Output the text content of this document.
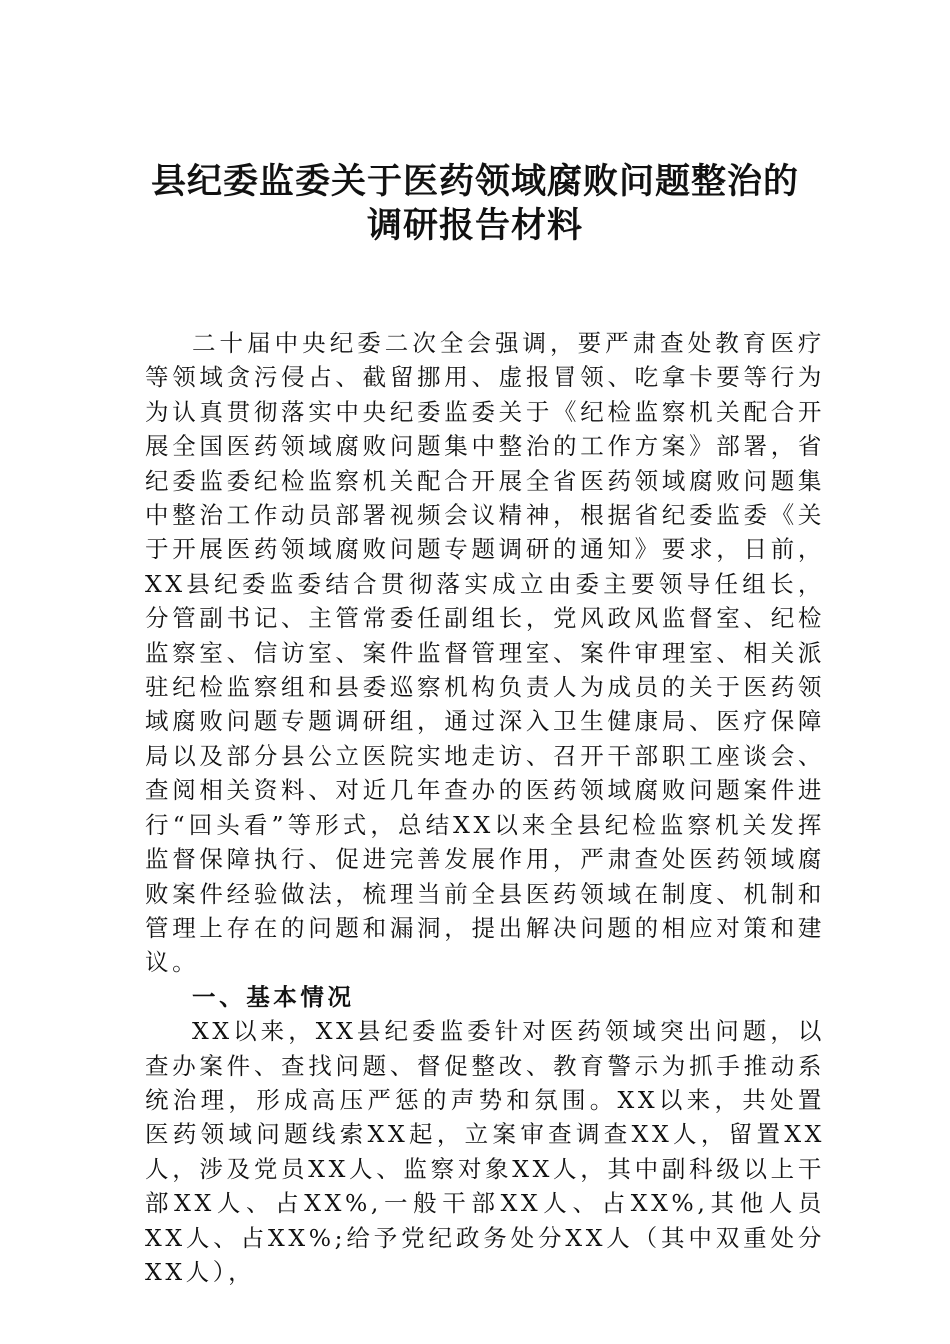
县纪委监委关于医药领域腐败问题整治的
调研报告材料

二十届中央纪委二次全会强调，要严肃查处教育医疗等领域贪污侵占、截留挪用、虚报冒领、吃拿卡要等行为为认真贯彻落实中央纪委监委关于《纪检监察机关配合开展全国医药领域腐败问题集中整治的工作方案》部署，省纪委监委纪检监察机关配合开展全省医药领域腐败问题集中整治工作动员部署视频会议精神，根据省纪委监委《关于开展医药领域腐败问题专题调研的通知》要求，日前，XX县纪委监委结合贯彻落实成立由委主要领导任组长，分管副书记、主管常委任副组长，党风政风监督室、纪检监察室、信访室、案件监督管理室、案件审理室、相关派驻纪检监察组和县委巡察机构负责人为成员的关于医药领域腐败问题专题调研组，通过深入卫生健康局、医疗保障局以及部分县公立医院实地走访、召开干部职工座谈会、查阅相关资料、对近几年查办的医药领域腐败问题案件进行“回头看”等形式，总结XX以来全县纪检监察机关发挥监督保障执行、促进完善发展作用，严肃查处医药领域腐败案件经验做法，梳理当前全县医药领域在制度、机制和管理上存在的问题和漏洞，提出解决问题的相应对策和建议。

一、基本情况

XX以来，XX县纪委监委针对医药领域突出问题，以查办案件、查找问题、督促整改、教育警示为抓手推动系统治理，形成高压严惩的声势和氛围。XX以来，共处置医药领域问题线索XX起，立案审查调查XX人，留置XX人，涉及党员XX人、监察对象XX人，其中副科级以上干部XX人、占XX%,一般干部XX人、占XX%,其他人员XX人、占XX%;给予党纪政务处分XX人（其中双重处分XX人），
